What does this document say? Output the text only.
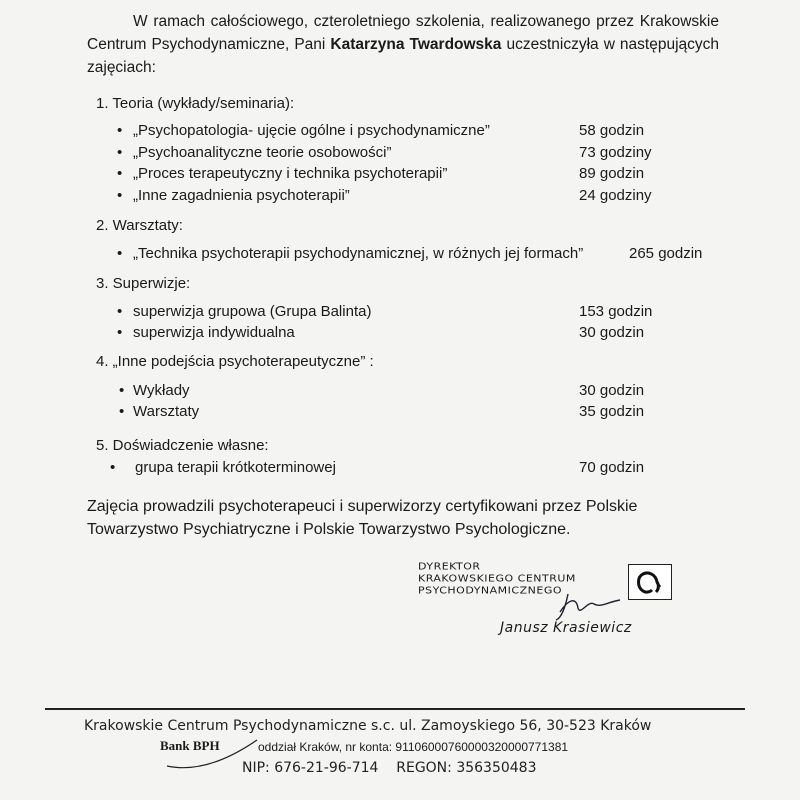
W ramach całościowego, czteroletniego szkolenia, realizowanego przez Krakowskie Centrum Psychodynamiczne, Pani Katarzyna Twardowska uczestniczyła w następujących zajęciach:
1. Teoria (wykłady/seminaria):
• „Psychopatologia- ujęcie ogólne i psychodynamiczne”	58 godzin
• „Psychoanalityczne teorie osobowości”	73 godziny
• „Proces terapeutyczny i technika psychoterapii”	89 godzin
• „Inne zagadnienia psychoterapii”	24 godziny
2. Warsztaty:
• „Technika psychoterapii psychodynamicznej, w różnych jej formach”	265 godzin
3. Superwizje:
• superwizja grupowa (Grupa Balinta)	153 godzin
• superwizja indywidualna	30 godzin
4. „Inne podejścia psychoterapeutyczne” :
• Wykłady	30 godzin
• Warsztaty	35 godzin
5. Doświadczenie własne:
• grupa terapii krótkoterminowej	70 godzin
Zajęcia prowadzili psychoterapeuci i superwizorzy certyfikowani przez Polskie Towarzystwo Psychiatryczne i Polskie Towarzystwo Psychologiczne.
DYREKTOR
KRAKOWSKIEGO CENTRUM
PSYCHODYNAMICZNEGO
Janusz Krasiewicz
Krakowskie Centrum Psychodynamiczne s.c. ul. Zamoyskiego 56, 30-523 Kraków
Bank BPH	oddział Kraków, nr konta: 91106000760000320000771381
NIP: 676-21-96-714    REGON: 356350483
